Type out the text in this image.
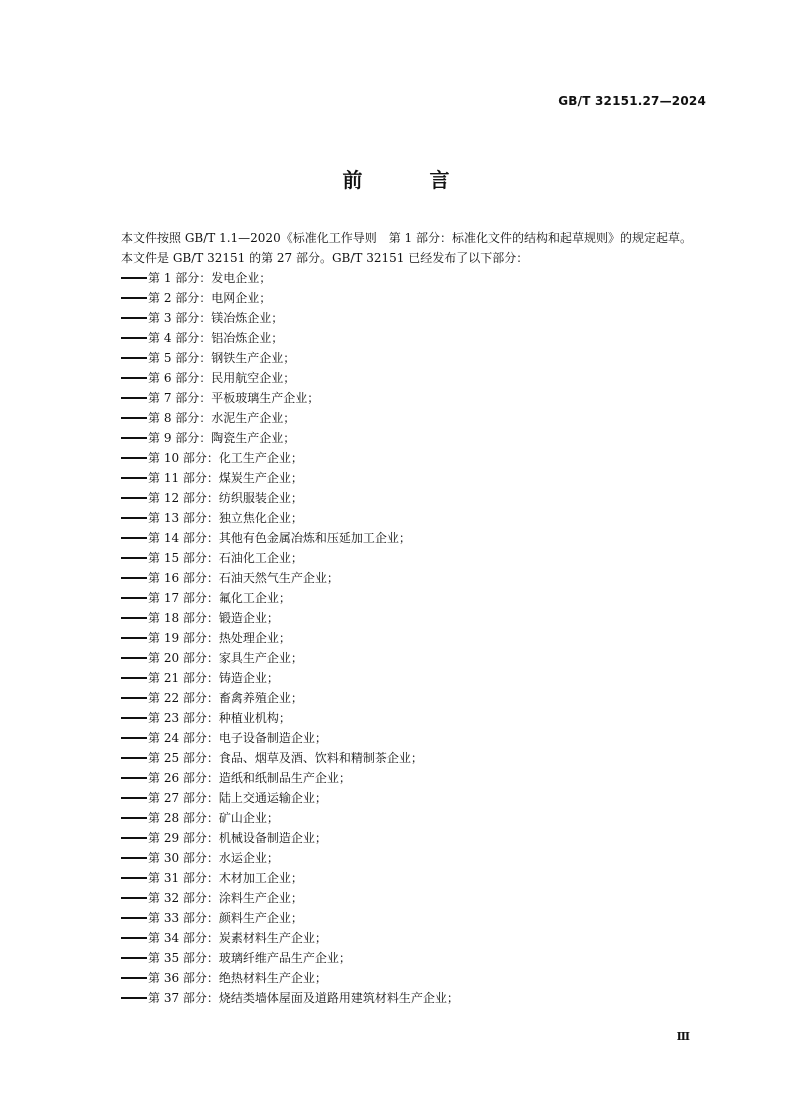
GB/T 32151.27—2024
前 言

本文件按照 GB/T 1.1—2020《标准化工作导则　第 1 部分：标准化文件的结构和起草规则》的规定起草。

本文件是 GB/T 32151 的第 27 部分。GB/T 32151 已经发布了以下部分：

第 1 部分：发电企业；
第 2 部分：电网企业；
第 3 部分：镁冶炼企业；
第 4 部分：铝冶炼企业；
第 5 部分：钢铁生产企业；
第 6 部分：民用航空企业；
第 7 部分：平板玻璃生产企业；
第 8 部分：水泥生产企业；
第 9 部分：陶瓷生产企业；
第 10 部分：化工生产企业；
第 11 部分：煤炭生产企业；
第 12 部分：纺织服装企业；
第 13 部分：独立焦化企业；
第 14 部分：其他有色金属冶炼和压延加工企业；
第 15 部分：石油化工企业；
第 16 部分：石油天然气生产企业；
第 17 部分：氟化工企业；
第 18 部分：锻造企业；
第 19 部分：热处理企业；
第 20 部分：家具生产企业；
第 21 部分：铸造企业；
第 22 部分：畜禽养殖企业；
第 23 部分：种植业机构；
第 24 部分：电子设备制造企业；
第 25 部分：食品、烟草及酒、饮料和精制茶企业；
第 26 部分：造纸和纸制品生产企业；
第 27 部分：陆上交通运输企业；
第 28 部分：矿山企业；
第 29 部分：机械设备制造企业；
第 30 部分：水运企业；
第 31 部分：木材加工企业；
第 32 部分：涂料生产企业；
第 33 部分：颜料生产企业；
第 34 部分：炭素材料生产企业；
第 35 部分：玻璃纤维产品生产企业；
第 36 部分：绝热材料生产企业；
第 37 部分：烧结类墙体屋面及道路用建筑材料生产企业；
Ⅲ
